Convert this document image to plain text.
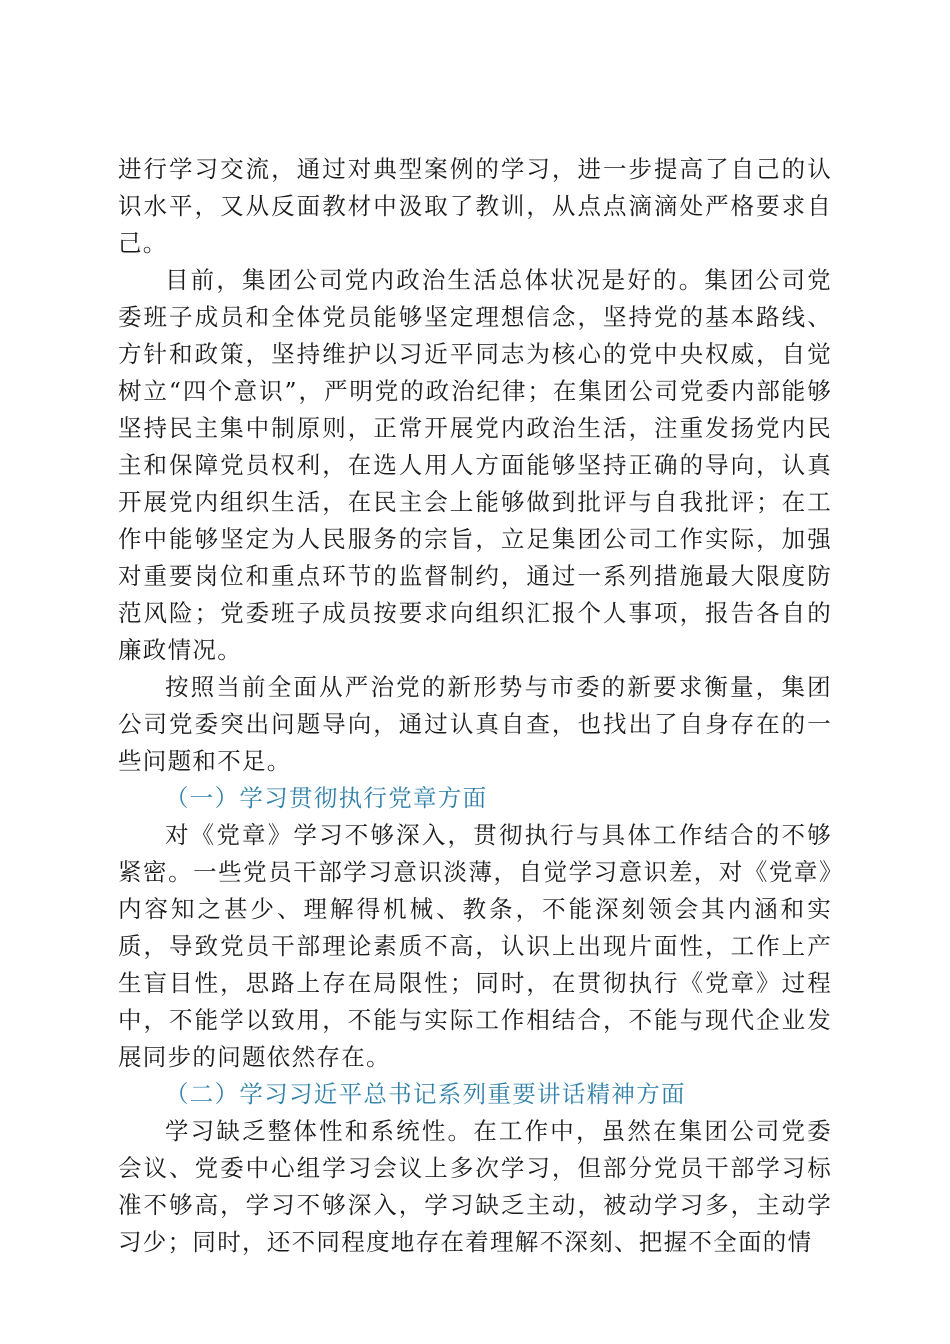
进行学习交流，通过对典型案例的学习，进一步提高了自己的认识水平，又从反面教材中汲取了教训，从点点滴滴处严格要求自己。

目前，集团公司党内政治生活总体状况是好的。集团公司党委班子成员和全体党员能够坚定理想信念，坚持党的基本路线、方针和政策，坚持维护以习近平同志为核心的党中央权威，自觉树立“四个意识”，严明党的政治纪律；在集团公司党委内部能够坚持民主集中制原则，正常开展党内政治生活，注重发扬党内民主和保障党员权利，在选人用人方面能够坚持正确的导向，认真开展党内组织生活，在民主会上能够做到批评与自我批评；在工作中能够坚定为人民服务的宗旨，立足集团公司工作实际，加强对重要岗位和重点环节的监督制约，通过一系列措施最大限度防范风险；党委班子成员按要求向组织汇报个人事项，报告各自的廉政情况。

按照当前全面从严治党的新形势与市委的新要求衡量，集团公司党委突出问题导向，通过认真自查，也找出了自身存在的一些问题和不足。

（一）学习贯彻执行党章方面

对《党章》学习不够深入，贯彻执行与具体工作结合的不够紧密。一些党员干部学习意识淡薄，自觉学习意识差，对《党章》内容知之甚少、理解得机械、教条，不能深刻领会其内涵和实质，导致党员干部理论素质不高，认识上出现片面性，工作上产生盲目性，思路上存在局限性；同时，在贯彻执行《党章》过程中，不能学以致用，不能与实际工作相结合，不能与现代企业发展同步的问题依然存在。

（二）学习习近平总书记系列重要讲话精神方面

学习缺乏整体性和系统性。在工作中，虽然在集团公司党委会议、党委中心组学习会议上多次学习，但部分党员干部学习标准不够高，学习不够深入，学习缺乏主动，被动学习多，主动学习少；同时，还不同程度地存在着理解不深刻、把握不全面的情
